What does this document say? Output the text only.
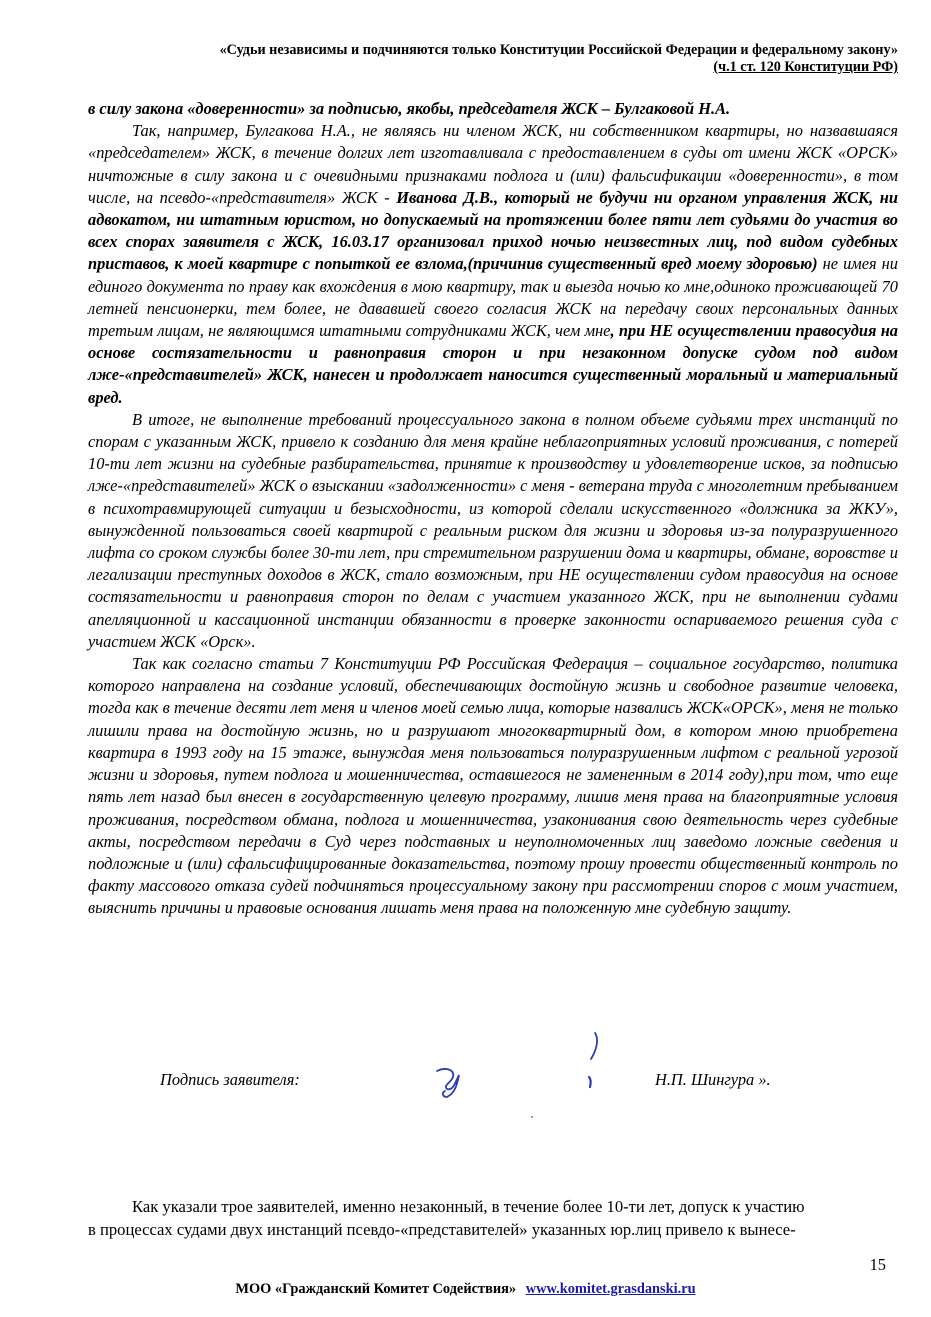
«Судьи независимы и подчиняются только Конституции Российской Федерации и федеральному закону»
(ч.1 ст. 120 Конституции РФ)

в силу закона «доверенности» за подписью, якобы, председателя ЖСК – Булгаковой Н.А.

Так, например, Булгакова Н.А., не являясь ни членом ЖСК, ни собственником квартиры, но назвавшаяся «председателем» ЖСК, в течение долгих лет изготавливала с предоставлением в суды от имени ЖСК «ОРСК» ничтожные в силу закона и с очевидными признаками подлога и (или) фальсификации «доверенности», в том числе, на псевдо-«представителя» ЖСК - Иванова Д.В., который не будучи ни органом управления ЖСК, ни адвокатом, ни штатным юристом, но допускаемый на протяжении более пяти лет судьями до участия во всех спорах заявителя с ЖСК, 16.03.17 организовал приход ночью неизвестных лиц, под видом судебных приставов, к моей квартире с попыткой ее взлома,(причинив существенный вред моему здоровью) не имея ни единого документа по праву как вхождения в мою квартиру, так и выезда ночью ко мне,одиноко проживающей 70 летней пенсионерки, тем более, не дававшей своего согласия ЖСК на передачу своих персональных данных третьим лицам, не являющимся штатными сотрудниками ЖСК, чем мне, при НЕ осуществлении правосудия на основе состязательности и равноправия сторон и при незаконном допуске судом под видом лже-«представителей» ЖСК, нанесен и продолжает наносится существенный моральный и материальный вред.

В итоге, не выполнение требований процессуального закона в полном объеме судьями трех инстанций по спорам с указанным ЖСК, привело к созданию для меня крайне неблагоприятных условий проживания, с потерей 10-ти лет жизни на судебные разбирательства, принятие к производству и удовлетворение исков, за подписью лже-«представителей» ЖСК о взыскании «задолженности» с меня - ветерана труда с многолетним пребыванием в психотравмирующей ситуации и безысходности, из которой сделали искусственного «должника за ЖКУ», вынужденной пользоваться своей квартирой с реальным риском для жизни и здоровья из-за полуразрушенного лифта со сроком службы более 30-ти лет, при стремительном разрушении дома и квартиры, обмане, воровстве и легализации преступных доходов в ЖСК, стало возможным, при НЕ осуществлении судом правосудия на основе состязательности и равноправия сторон по делам с участием указанного ЖСК, при не выполнении судами апелляционной и кассационной инстанции обязанности в проверке законности оспариваемого решения суда с участием ЖСК «Орск».

Так как согласно статьи 7 Конституции РФ Российская Федерация – социальное государство, политика которого направлена на создание условий, обеспечивающих достойную жизнь и свободное развитие человека, тогда как в течение десяти лет меня и членов моей семью лица, которые назвались ЖСК«ОРСК», меня не только лишили права на достойную жизнь, но и разрушают многоквартирный дом, в котором мною приобретена квартира в 1993 году на 15 этаже, вынуждая меня пользоваться полуразрушенным лифтом с реальной угрозой жизни и здоровья, путем подлога и мошенничества, оставшегося не замененным в 2014 году),при том, что еще пять лет назад был внесен в государственную целевую программу, лишив меня права на благоприятные условия проживания, посредством обмана, подлога и мошенничества, узаконивания свою деятельность через судебные акты, посредством передачи в Суд через подставных и неуполномоченных лиц заведомо ложные сведения и подложные и (или) сфальсифицированные доказательства, поэтому прошу провести общественный контроль по факту массового отказа судей подчиняться процессуальному закону при рассмотрении споров с моим участием, выяснить причины и правовые основания лишать меня права на положенную мне судебную защиту.

Подпись заявителя:	Н.П. Шингура ».

Как указали трое заявителей, именно незаконный, в течение более 10-ти лет, допуск к участию

в процессах судами двух инстанций псевдо-«представителей» указанных юр.лиц привело к вынесе-

15
МОО «Гражданский Комитет Содействия» www.komitet.grasdanski.ru
